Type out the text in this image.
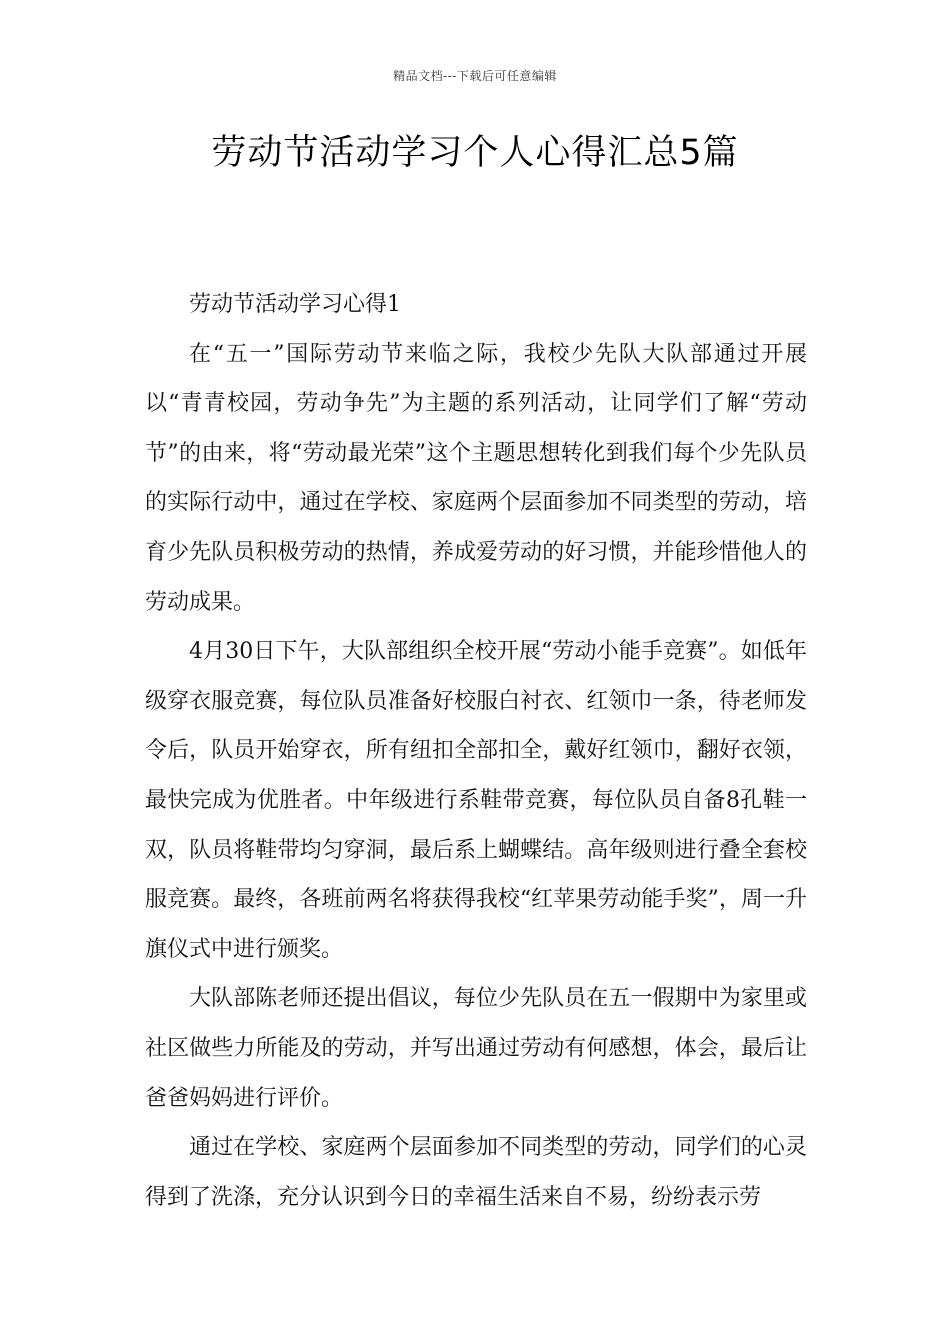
精品文档---下载后可任意编辑
劳动节活动学习个人心得汇总5篇

劳动节活动学习心得1

在“五一”国际劳动节来临之际，我校少先队大队部通过开展以“青青校园，劳动争先”为主题的系列活动，让同学们了解“劳动节”的由来，将“劳动最光荣”这个主题思想转化到我们每个少先队员的实际行动中，通过在学校、家庭两个层面参加不同类型的劳动，培育少先队员积极劳动的热情，养成爱劳动的好习惯，并能珍惜他人的劳动成果。

4月30日下午，大队部组织全校开展“劳动小能手竞赛”。如低年级穿衣服竞赛，每位队员准备好校服白衬衣、红领巾一条，待老师发令后，队员开始穿衣，所有纽扣全部扣全，戴好红领巾，翻好衣领，最快完成为优胜者。中年级进行系鞋带竞赛，每位队员自备8孔鞋一双，队员将鞋带均匀穿洞，最后系上蝴蝶结。高年级则进行叠全套校服竞赛。最终，各班前两名将获得我校“红苹果劳动能手奖”，周一升旗仪式中进行颁奖。

大队部陈老师还提出倡议，每位少先队员在五一假期中为家里或社区做些力所能及的劳动，并写出通过劳动有何感想，体会，最后让爸爸妈妈进行评价。

通过在学校、家庭两个层面参加不同类型的劳动，同学们的心灵得到了洗涤，充分认识到今日的幸福生活来自不易，纷纷表示劳
